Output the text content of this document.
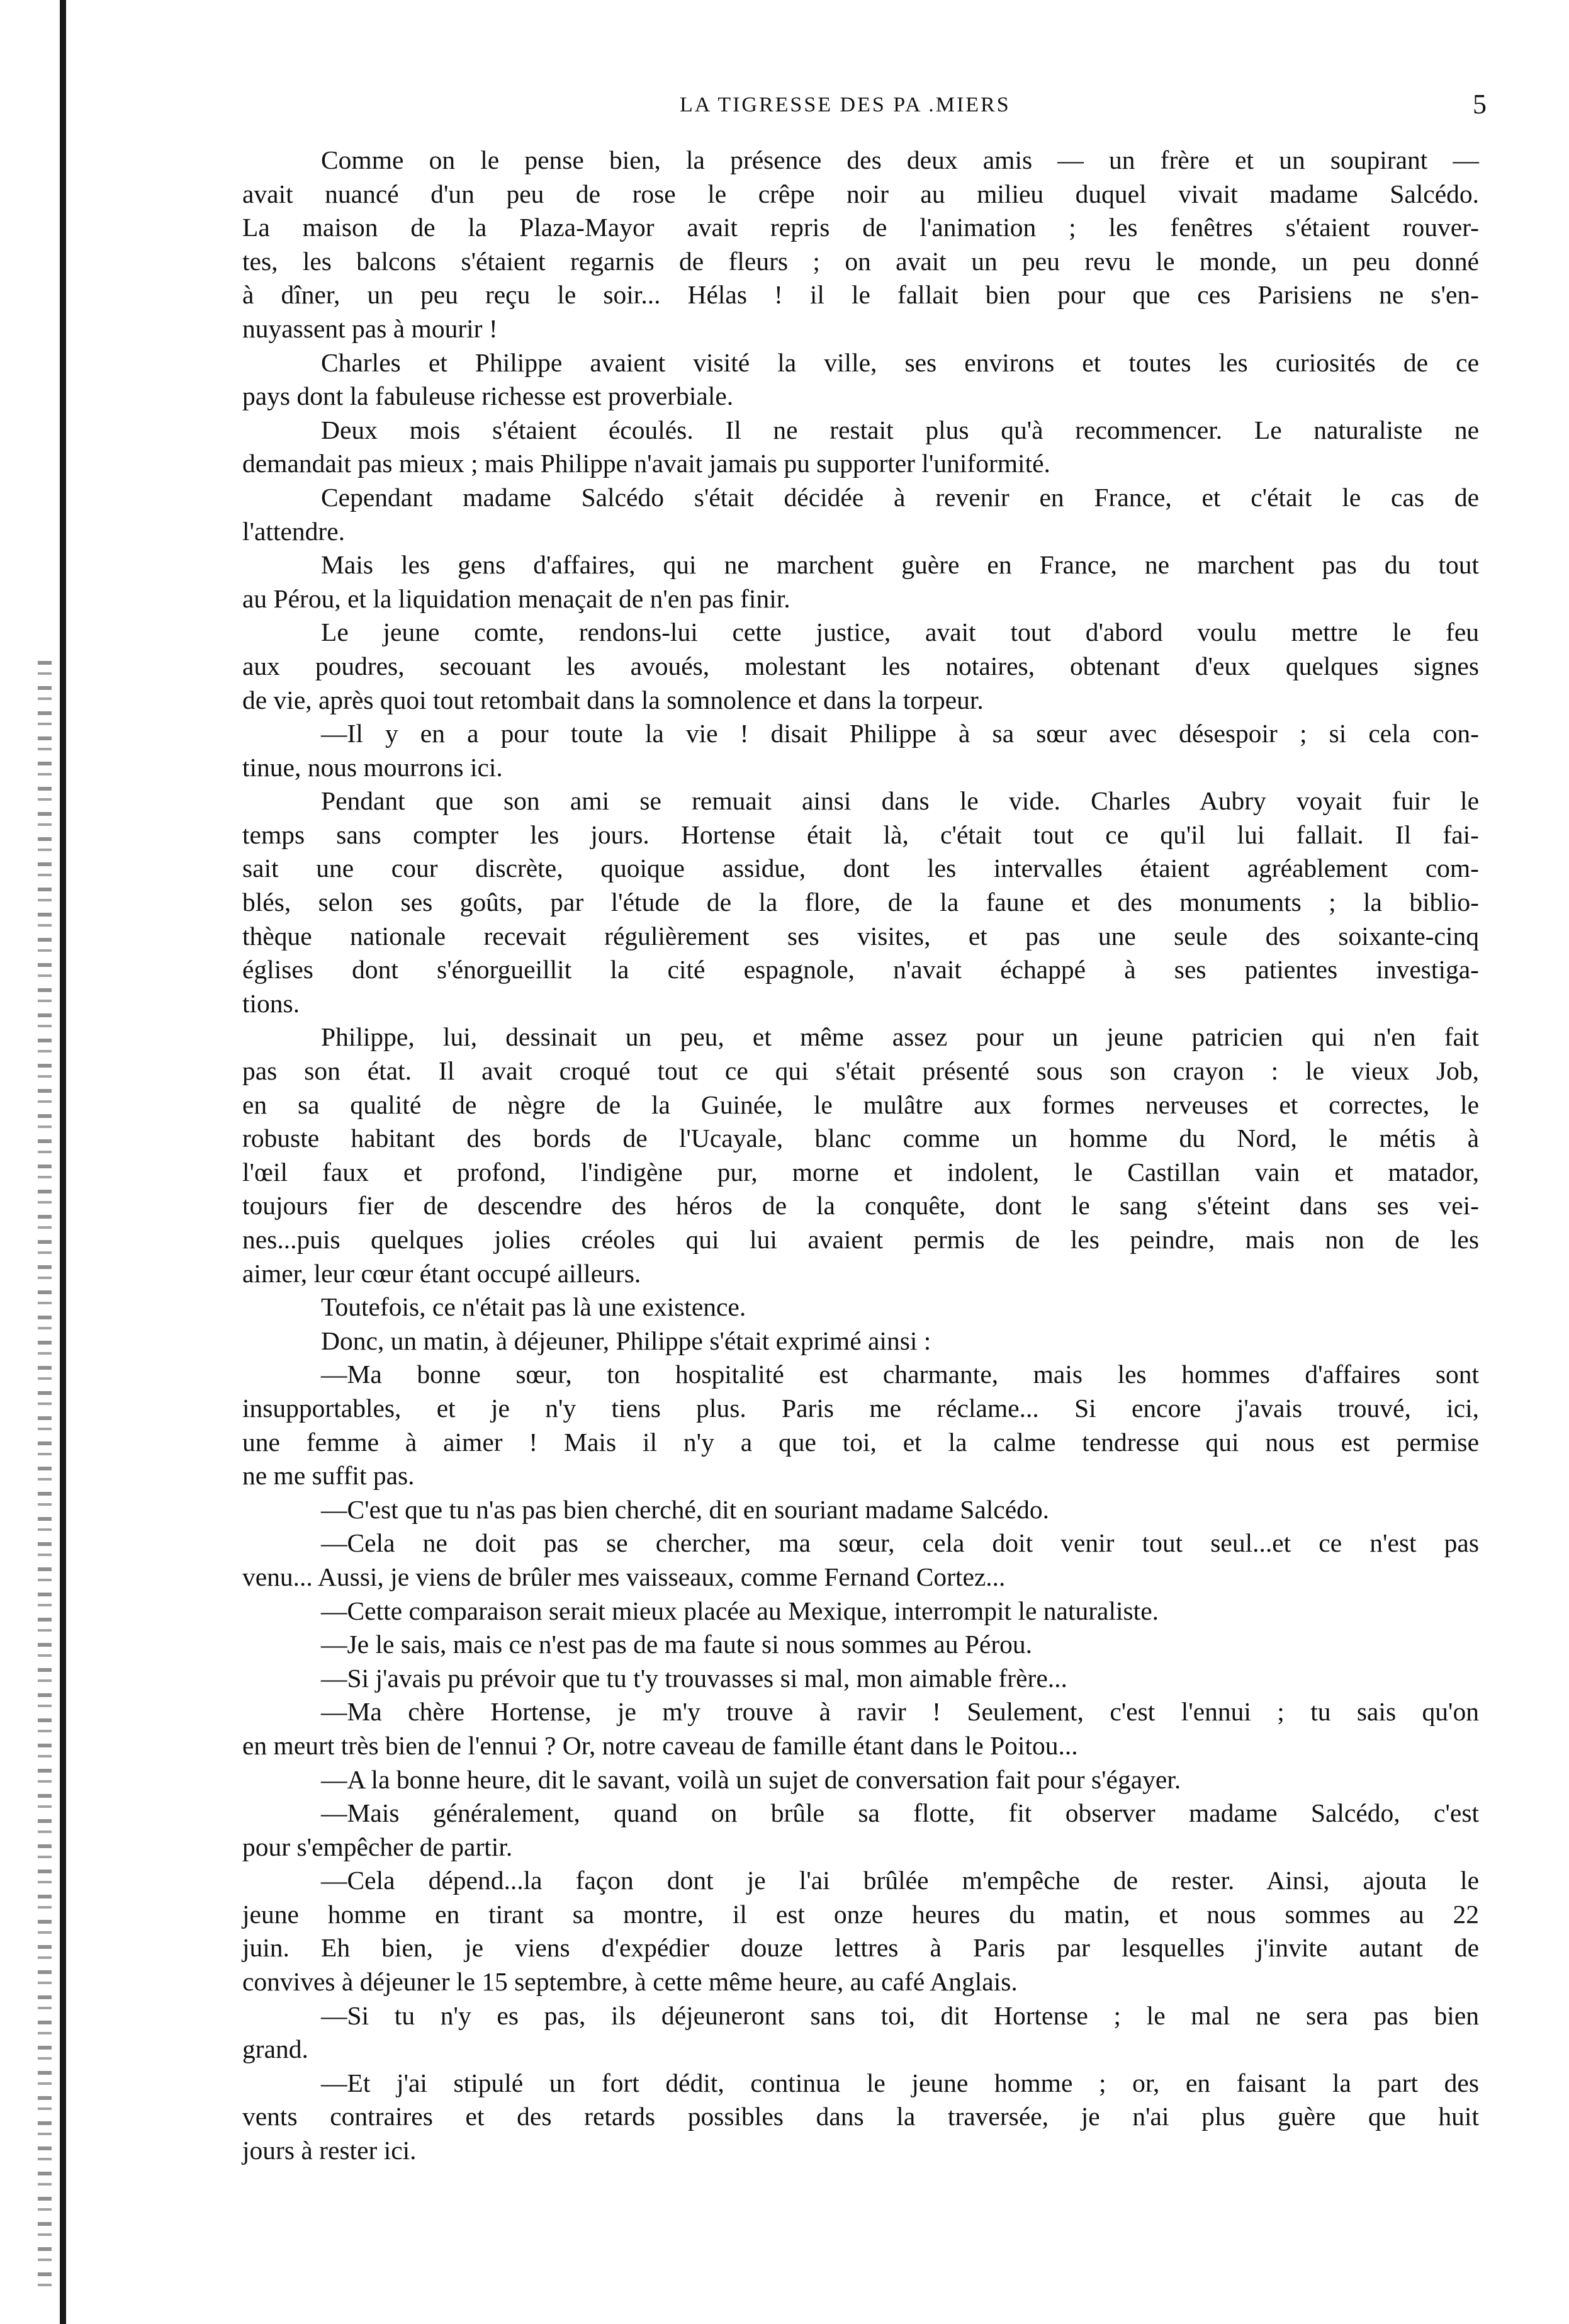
LA TIGRESSE DES PA .MIERS	5
Comme on le pense bien, la présence des deux amis — un frère et un soupirant —
avait nuancé d'un peu de rose le crêpe noir au milieu duquel vivait madame Salcédo.
La maison de la Plaza-Mayor avait repris de l'animation ; les fenêtres s'étaient rouver-
tes, les balcons s'étaient regarnis de fleurs ; on avait un peu revu le monde, un peu donné
à dîner, un peu reçu le soir... Hélas ! il le fallait bien pour que ces Parisiens ne s'en-
nuyassent pas à mourir !
Charles et Philippe avaient visité la ville, ses environs et toutes les curiosités de ce
pays dont la fabuleuse richesse est proverbiale.
Deux mois s'étaient écoulés. Il ne restait plus qu'à recommencer. Le naturaliste ne
demandait pas mieux ; mais Philippe n'avait jamais pu supporter l'uniformité.
Cependant madame Salcédo s'était décidée à revenir en France, et c'était le cas de
l'attendre.
Mais les gens d'affaires, qui ne marchent guère en France, ne marchent pas du tout
au Pérou, et la liquidation menaçait de n'en pas finir.
Le jeune comte, rendons-lui cette justice, avait tout d'abord voulu mettre le feu
aux poudres, secouant les avoués, molestant les notaires, obtenant d'eux quelques signes
de vie, après quoi tout retombait dans la somnolence et dans la torpeur.
—Il y en a pour toute la vie ! disait Philippe à sa sœur avec désespoir ; si cela con-
tinue, nous mourrons ici.
Pendant que son ami se remuait ainsi dans le vide. Charles Aubry voyait fuir le
temps sans compter les jours. Hortense était là, c'était tout ce qu'il lui fallait. Il fai-
sait une cour discrète, quoique assidue, dont les intervalles étaient agréablement com-
blés, selon ses goûts, par l'étude de la flore, de la faune et des monuments ; la biblio-
thèque nationale recevait régulièrement ses visites, et pas une seule des soixante-cinq
églises dont s'énorgueillit la cité espagnole, n'avait échappé à ses patientes investiga-
tions.
Philippe, lui, dessinait un peu, et même assez pour un jeune patricien qui n'en fait
pas son état. Il avait croqué tout ce qui s'était présenté sous son crayon : le vieux Job,
en sa qualité de nègre de la Guinée, le mulâtre aux formes nerveuses et correctes, le
robuste habitant des bords de l'Ucayale, blanc comme un homme du Nord, le métis à
l'œil faux et profond, l'indigène pur, morne et indolent, le Castillan vain et matador,
toujours fier de descendre des héros de la conquête, dont le sang s'éteint dans ses vei-
nes...puis quelques jolies créoles qui lui avaient permis de les peindre, mais non de les
aimer, leur cœur étant occupé ailleurs.
Toutefois, ce n'était pas là une existence.
Donc, un matin, à déjeuner, Philippe s'était exprimé ainsi :
—Ma bonne sœur, ton hospitalité est charmante, mais les hommes d'affaires sont
insupportables, et je n'y tiens plus. Paris me réclame... Si encore j'avais trouvé, ici,
une femme à aimer ! Mais il n'y a que toi, et la calme tendresse qui nous est permise
ne me suffit pas.
—C'est que tu n'as pas bien cherché, dit en souriant madame Salcédo.
—Cela ne doit pas se chercher, ma sœur, cela doit venir tout seul...et ce n'est pas
venu... Aussi, je viens de brûler mes vaisseaux, comme Fernand Cortez...
—Cette comparaison serait mieux placée au Mexique, interrompit le naturaliste.
—Je le sais, mais ce n'est pas de ma faute si nous sommes au Pérou.
—Si j'avais pu prévoir que tu t'y trouvasses si mal, mon aimable frère...
—Ma chère Hortense, je m'y trouve à ravir ! Seulement, c'est l'ennui ; tu sais qu'on
en meurt très bien de l'ennui ? Or, notre caveau de famille étant dans le Poitou...
—A la bonne heure, dit le savant, voilà un sujet de conversation fait pour s'égayer.
—Mais généralement, quand on brûle sa flotte, fit observer madame Salcédo, c'est
pour s'empêcher de partir.
—Cela dépend...la façon dont je l'ai brûlée m'empêche de rester. Ainsi, ajouta le
jeune homme en tirant sa montre, il est onze heures du matin, et nous sommes au 22
juin. Eh bien, je viens d'expédier douze lettres à Paris par lesquelles j'invite autant de
convives à déjeuner le 15 septembre, à cette même heure, au café Anglais.
—Si tu n'y es pas, ils déjeuneront sans toi, dit Hortense ; le mal ne sera pas bien
grand.
—Et j'ai stipulé un fort dédit, continua le jeune homme ; or, en faisant la part des
vents contraires et des retards possibles dans la traversée, je n'ai plus guère que huit
jours à rester ici.
